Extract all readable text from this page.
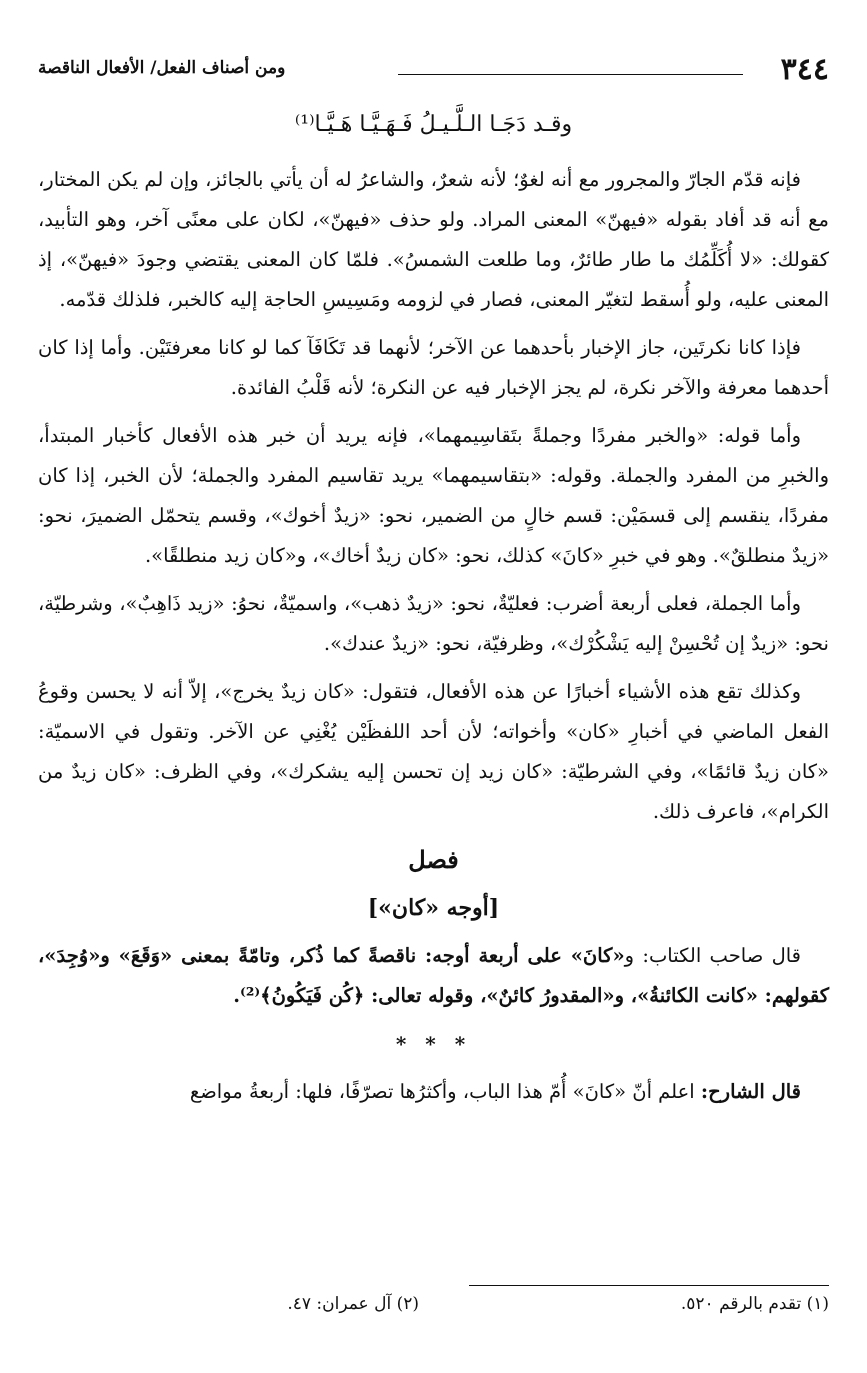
٣٤٤
ومن أصناف الفعل/ الأفعال الناقصة
وقـد دَجَـا الـلَّـيـلُ فَـهَـيَّـا هَـيَّـا⁽¹⁾

فإنه قدّم الجارّ والمجرور مع أنه لغوٌ؛ لأنه شعرٌ، والشاعرُ له أن يأتي بالجائز، وإن لم يكن المختار، مع أنه قد أفاد بقوله «فيهنّ» المعنى المراد. ولو حذف «فيهنّ»، لكان على معنًى آخر، وهو التأبيد، كقولك: «لا أُكَلِّمُك ما طار طائرٌ، وما طلعت الشمسُ». فلمّا كان المعنى يقتضي وجودَ «فيهنّ»، إذ المعنى عليه، ولو أُسقط لتغيّر المعنى، فصار في لزومه ومَسِيسِ الحاجة إليه كالخبر، فلذلك قدّمه.

فإذا كانا نكرتَين، جاز الإخبار بأحدهما عن الآخر؛ لأنهما قد تَكَافَآ كما لو كانا معرفتَيْن. وأما إذا كان أحدهما معرفة والآخر نكرة، لم يجز الإخبار فيه عن النكرة؛ لأنه قَلْبُ الفائدة.

وأما قوله: «والخبر مفردًا وجملةً بتَقاسِيمهما»، فإنه يريد أن خبر هذه الأفعال كأخبار المبتدأ، والخبرِ من المفرد والجملة. وقوله: «بتقاسيمهما» يريد تقاسيم المفرد والجملة؛ لأن الخبر، إذا كان مفردًا، ينقسم إلى قسمَيْن: قسم خالٍ من الضمير، نحو: «زيدٌ أخوك»، وقسم يتحمّل الضميرَ، نحو: «زيدٌ منطلقٌ». وهو في خبرِ «كانَ» كذلك، نحو: «كان زيدٌ أخاك»، و«كان زيد منطلقًا».

وأما الجملة، فعلى أربعة أضرب: فعليّةٌ، نحو: «زيدٌ ذهب»، واسميّةٌ، نحوُ: «زيد ذَاهِبٌ»، وشرطيّة، نحو: «زيدٌ إن تُحْسِنْ إليه يَشْكُرْك»، وظرفيّة، نحو: «زيدٌ عندك».

وكذلك تقع هذه الأشياء أخبارًا عن هذه الأفعال، فتقول: «كان زيدٌ يخرج»، إلاّ أنه لا يحسن وقوعُ الفعل الماضي في أخبارِ «كان» وأخواته؛ لأن أحد اللفظَيْن يُغْنِي عن الآخر. وتقول في الاسميّة: «كان زيدٌ قائمًا»، وفي الشرطيّة: «كان زيد إن تحسن إليه يشكرك»، وفي الظرف: «كان زيدٌ من الكرام»، فاعرف ذلك.

فصل

[أوجه «كان»]

قال صاحب الكتاب: و«كانَ» على أربعة أوجه: ناقصةً كما ذُكر، وتامّةً بمعنى «وَقَعَ» و«وُجِدَ»، كقولهم: «كانت الكائنةُ»، و«المقدورُ كائنٌ»، وقوله تعالى: ﴿كُن فَيَكُونُ﴾⁽²⁾.

* * *

قال الشارح: اعلم أنّ «كانَ» أُمّ هذا الباب، وأكثرُها تصرّفًا، فلها: أربعةُ مواضع

(١) تقدم بالرقم ٥٢٠.
(٢) آل عمران: ٤٧.
